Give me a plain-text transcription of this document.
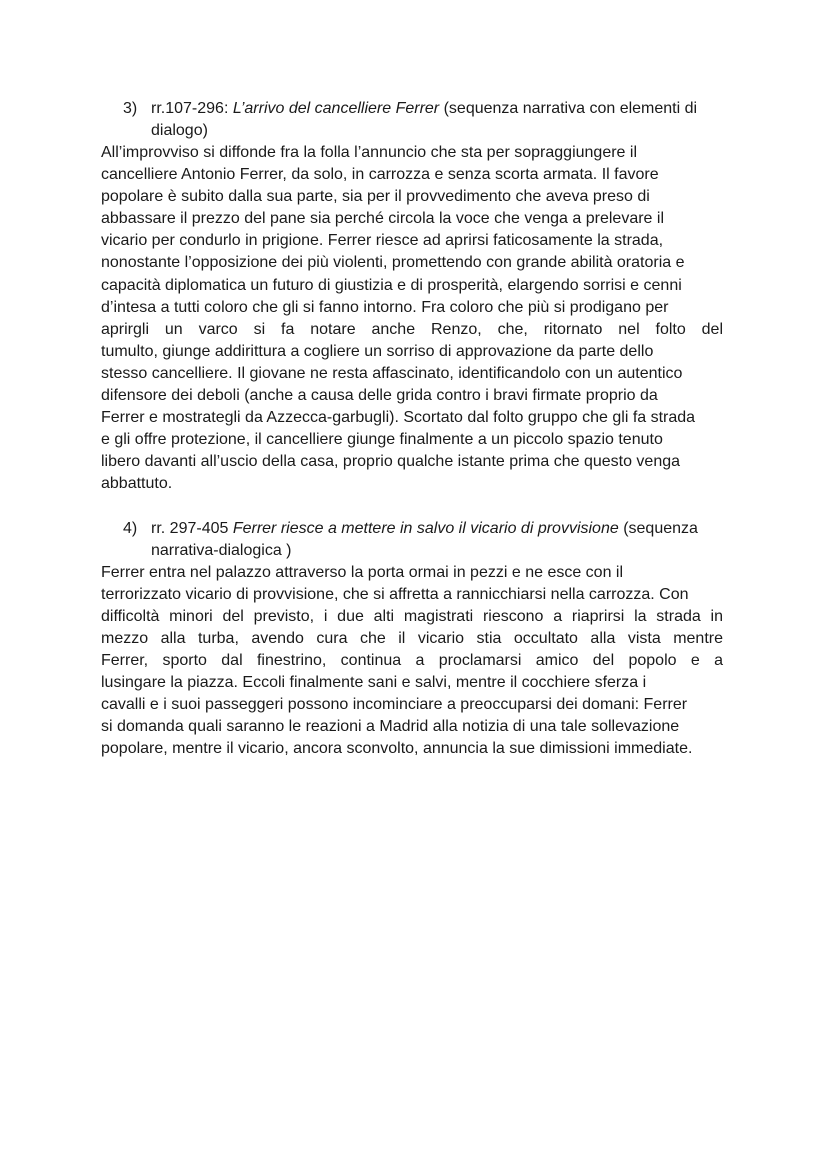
3) rr.107-296: L’arrivo del cancelliere Ferrer (sequenza narrativa con elementi di
dialogo)

All’improvviso si diffonde fra la folla l’annuncio che sta per sopraggiungere il
cancelliere Antonio Ferrer, da solo, in carrozza e senza scorta armata. Il favore
popolare è subito dalla sua parte, sia per il provvedimento che aveva preso di
abbassare il prezzo del pane sia perché circola la voce che venga a prelevare il
vicario per condurlo in prigione. Ferrer riesce ad aprirsi faticosamente la strada,
nonostante l’opposizione dei più violenti, promettendo con grande abilità oratoria e
capacità diplomatica un futuro di giustizia e di prosperità, elargendo sorrisi e cenni
d’intesa a tutti coloro che gli si fanno intorno. Fra coloro che più si prodigano per
aprirgli un varco si fa notare anche Renzo, che, ritornato nel folto del
tumulto, giunge addirittura a cogliere un sorriso di approvazione da parte dello
stesso cancelliere. Il giovane ne resta affascinato, identificandolo con un autentico
difensore dei deboli (anche a causa delle grida contro i bravi firmate proprio da
Ferrer e mostrategli da Azzecca-garbugli). Scortato dal folto gruppo che gli fa strada
e gli offre protezione, il cancelliere giunge finalmente a un piccolo spazio tenuto
libero davanti all’uscio della casa, proprio qualche istante prima che questo venga
abbattuto.

4) rr. 297-405 Ferrer riesce a mettere in salvo il vicario di provvisione (sequenza
narrativa-dialogica )

Ferrer entra nel palazzo attraverso la porta ormai in pezzi e ne esce con il
terrorizzato vicario di provvisione, che si affretta a rannicchiarsi nella carrozza. Con
difficoltà minori del previsto, i due alti magistrati riescono a riaprirsi la strada in
mezzo alla turba, avendo cura che il vicario stia occultato alla vista mentre
Ferrer, sporto dal finestrino, continua a proclamarsi amico del popolo e a
lusingare la piazza. Eccoli finalmente sani e salvi, mentre il cocchiere sferza i
cavalli e i suoi passeggeri possono incominciare a preoccuparsi dei domani: Ferrer
si domanda quali saranno le reazioni a Madrid alla notizia di una tale sollevazione
popolare, mentre il vicario, ancora sconvolto, annuncia la sue dimissioni immediate.
